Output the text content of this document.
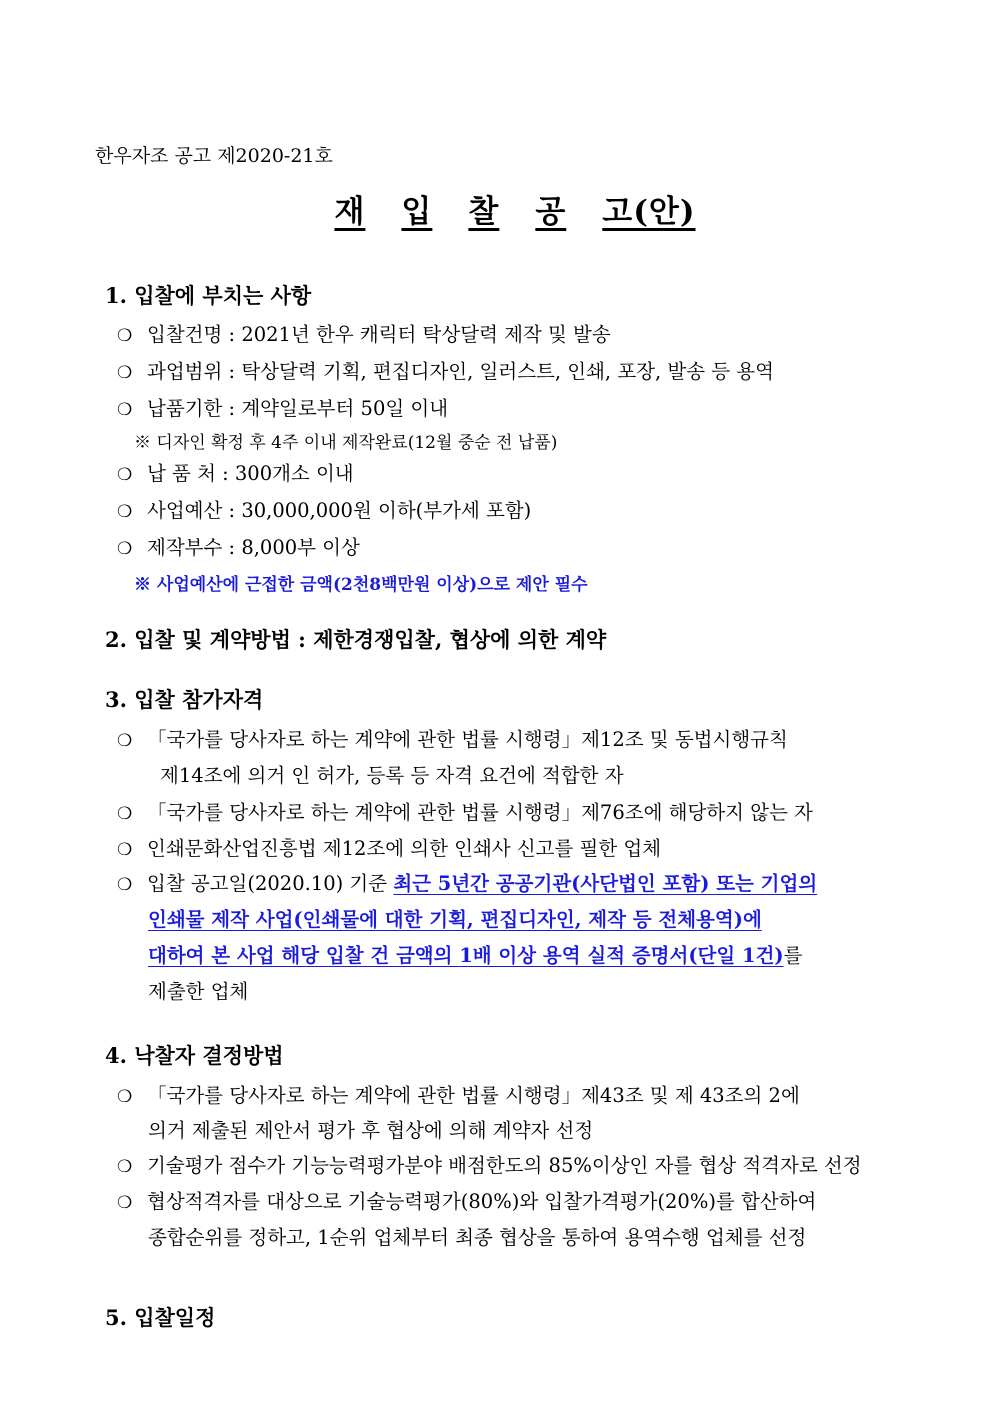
한우자조 공고 제2020-21호
재 입 찰 공 고(안)
1. 입찰에 부치는 사항
❍ 입찰건명 : 2021년 한우 캐릭터 탁상달력 제작 및 발송
❍ 과업범위 : 탁상달력 기획, 편집디자인, 일러스트, 인쇄, 포장, 발송 등 용역
❍ 납품기한 : 계약일로부터 50일 이내
※ 디자인 확정 후 4주 이내 제작완료(12월 중순 전 납품)
❍ 납 품 처 : 300개소 이내
❍ 사업예산 : 30,000,000원 이하(부가세 포함)
❍ 제작부수 : 8,000부 이상
※ 사업예산에 근접한 금액(2천8백만원 이상)으로 제안 필수
2. 입찰 및 계약방법 : 제한경쟁입찰, 협상에 의한 계약
3. 입찰 참가자격
❍ 「국가를 당사자로 하는 계약에 관한 법률 시행령」제12조 및 동법시행규칙
제14조에 의거 인 허가, 등록 등 자격 요건에 적합한 자
❍ 「국가를 당사자로 하는 계약에 관한 법률 시행령」제76조에 해당하지 않는 자
❍ 인쇄문화산업진흥법 제12조에 의한 인쇄사 신고를 필한 업체
❍ 입찰 공고일(2020.10) 기준 최근 5년간 공공기관(사단법인 포함) 또는 기업의
인쇄물 제작 사업(인쇄물에 대한 기획, 편집디자인, 제작 등 전체용역)에
대하여 본 사업 해당 입찰 건 금액의 1배 이상 용역 실적 증명서(단일 1건)를
제출한 업체
4. 낙찰자 결정방법
❍ 「국가를 당사자로 하는 계약에 관한 법률 시행령」제43조 및 제 43조의 2에
의거 제출된 제안서 평가 후 협상에 의해 계약자 선정
❍ 기술평가 점수가 기능능력평가분야 배점한도의 85%이상인 자를 협상 적격자로 선정
❍ 협상적격자를 대상으로 기술능력평가(80%)와 입찰가격평가(20%)를 합산하여
종합순위를 정하고, 1순위 업체부터 최종 협상을 통하여 용역수행 업체를 선정
5. 입찰일정
